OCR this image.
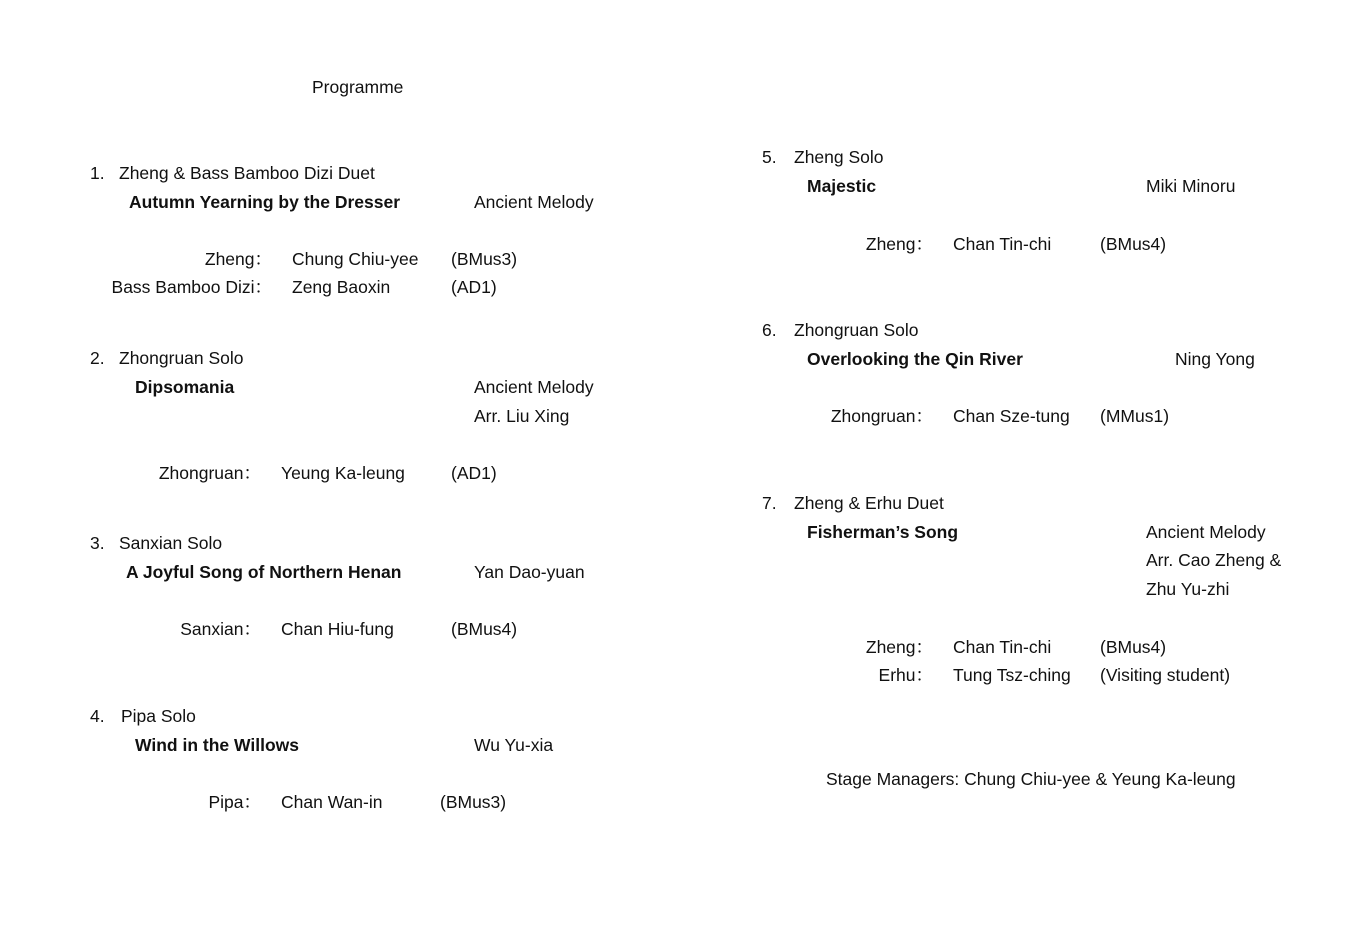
Programme
1. Zheng & Bass Bamboo Dizi Duet
Autumn Yearning by the Dresser	Ancient Melody
Zheng： Chung Chiu-yee (BMus3)
Bass Bamboo Dizi： Zeng Baoxin	(AD1)
2. Zhongruan Solo
Dipsomania	Ancient Melody
Arr. Liu Xing
Zhongruan： Yeung Ka-leung	(AD1)
3. Sanxian Solo
A Joyful Song of Northern Henan	Yan Dao-yuan
Sanxian： Chan Hiu-fung	(BMus4)
4. Pipa Solo
Wind in the Willows	Wu Yu-xia
Pipa： Chan Wan-in	(BMus3)
5. Zheng Solo
Majestic	Miki Minoru
Zheng： Chan Tin-chi	(BMus4)
6. Zhongruan Solo
Overlooking the Qin River	Ning Yong
Zhongruan： Chan Sze-tung (MMus1)
7. Zheng & Erhu Duet
Fisherman’s Song	Ancient Melody
Arr. Cao Zheng &
Zhu Yu-zhi
Zheng： Chan Tin-chi	(BMus4)
Erhu： Tung Tsz-ching (Visiting student)
Stage Managers: Chung Chiu-yee & Yeung Ka-leung
